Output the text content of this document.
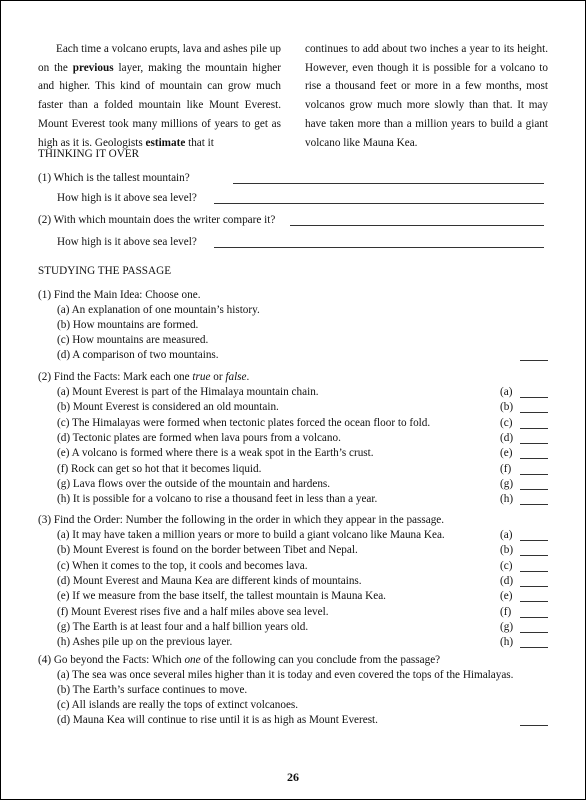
Each time a volcano erupts, lava and ashes pile up on the previous layer, making the mountain higher and higher. This kind of mountain can grow much faster than a folded mountain like Mount Everest. Mount Everest took many millions of years to get as high as it is. Geologists estimate that it

continues to add about two inches a year to its height. However, even though it is possible for a volcano to rise a thousand feet or more in a few months, most volcanos grow much more slowly than that. It may have taken more than a million years to build a giant volcano like Mauna Kea.

THINKING IT OVER
(1) Which is the tallest mountain?
How high is it above sea level?
(2) With which mountain does the writer compare it?
How high is it above sea level?
STUDYING THE PASSAGE
(1) Find the Main Idea: Choose one.
(a) An explanation of one mountain’s history.
(b) How mountains are formed.
(c) How mountains are measured.
(d) A comparison of two mountains.
(2) Find the Facts: Mark each one true or false.
(a) Mount Everest is part of the Himalaya mountain chain.	(a)
(b) Mount Everest is considered an old mountain.	(b)
(c) The Himalayas were formed when tectonic plates forced the ocean floor to fold.	(c)
(d) Tectonic plates are formed when lava pours from a volcano.	(d)
(e) A volcano is formed where there is a weak spot in the Earth’s crust.	(e)
(f) Rock can get so hot that it becomes liquid.	(f)
(g) Lava flows over the outside of the mountain and hardens.	(g)
(h) It is possible for a volcano to rise a thousand feet in less than a year.	(h)
(3) Find the Order: Number the following in the order in which they appear in the passage.
(a) It may have taken a million years or more to build a giant volcano like Mauna Kea.	(a)
(b) Mount Everest is found on the border between Tibet and Nepal.	(b)
(c) When it comes to the top, it cools and becomes lava.	(c)
(d) Mount Everest and Mauna Kea are different kinds of mountains.	(d)
(e) If we measure from the base itself, the tallest mountain is Mauna Kea.	(e)
(f) Mount Everest rises five and a half miles above sea level.	(f)
(g) The Earth is at least four and a half billion years old.	(g)
(h) Ashes pile up on the previous layer.	(h)
(4) Go beyond the Facts: Which one of the following can you conclude from the passage?
(a) The sea was once several miles higher than it is today and even covered the tops of the Himalayas.
(b) The Earth’s surface continues to move.
(c) All islands are really the tops of extinct volcanoes.
(d) Mauna Kea will continue to rise until it is as high as Mount Everest.
26
